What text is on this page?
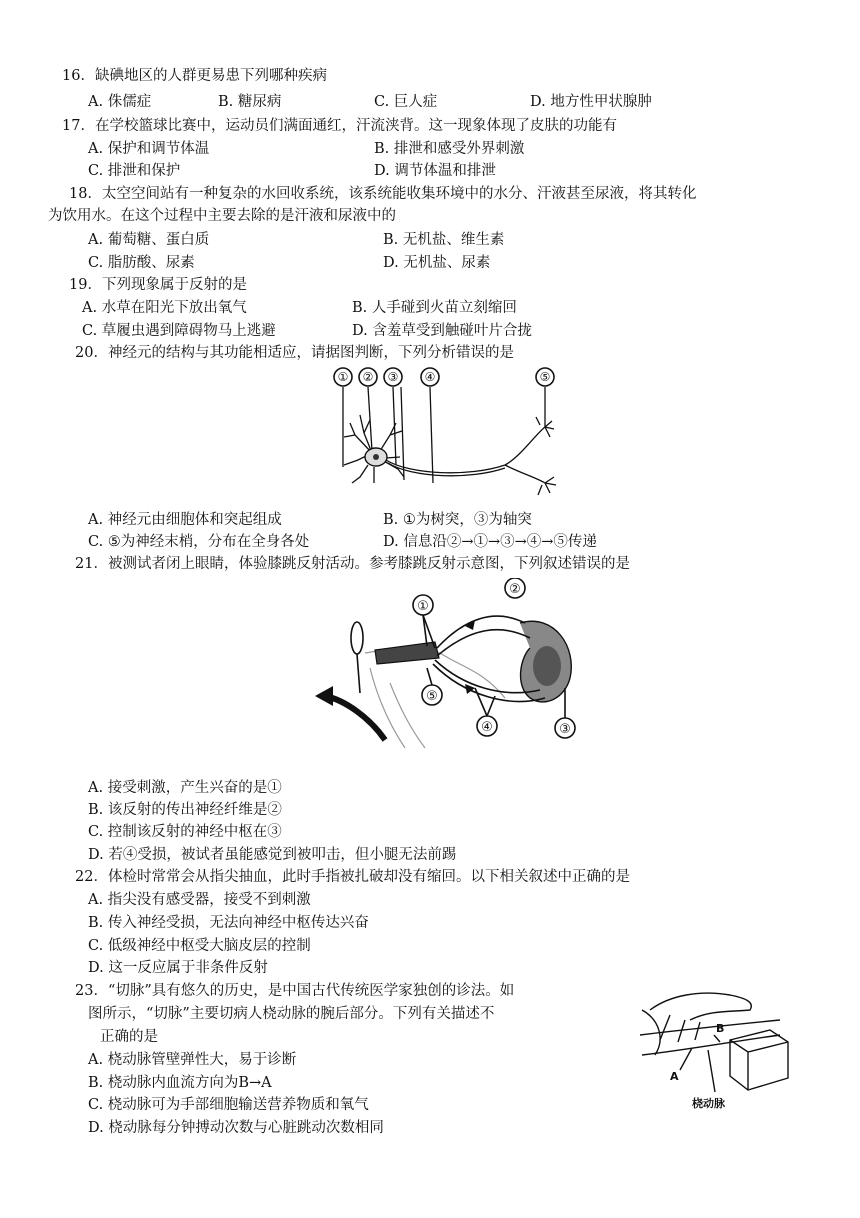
16．缺碘地区的人群更易患下列哪种疾病
A. 侏儒症	B. 糖尿病	C. 巨人症	D. 地方性甲状腺肿
17．在学校篮球比赛中，运动员们满面通红，汗流浃背。这一现象体现了皮肤的功能有
A. 保护和调节体温	B. 排泄和感受外界刺激
C. 排泄和保护	D. 调节体温和排泄
18．太空空间站有一种复杂的水回收系统，该系统能收集环境中的水分、汗液甚至尿液，将其转化
为饮用水。在这个过程中主要去除的是汗液和尿液中的
A. 葡萄糖、蛋白质	B. 无机盐、维生素
C. 脂肪酸、尿素	D. 无机盐、尿素
19．下列现象属于反射的是
A. 水草在阳光下放出氧气	B. 人手碰到火苗立刻缩回
C. 草履虫遇到障碍物马上逃避	D. 含羞草受到触碰叶片合拢
20．神经元的结构与其功能相适应，请据图判断，下列分析错误的是
① ② ③ ④	⑤
A. 神经元由细胞体和突起组成	B. ①为树突，③为轴突
C. ⑤为神经末梢，分布在全身各处	D. 信息沿②→①→③→④→⑤传递
21．被测试者闭上眼睛，体验膝跳反射活动。参考膝跳反射示意图，下列叙述错误的是
①
②
③
④
⑤
A. 接受刺激，产生兴奋的是①
B. 该反射的传出神经纤维是②
C. 控制该反射的神经中枢在③
D. 若④受损，被试者虽能感觉到被叩击，但小腿无法前踢
22．体检时常常会从指尖抽血，此时手指被扎破却没有缩回。以下相关叙述中正确的是
A. 指尖没有感受器，接受不到刺激
B. 传入神经受损，无法向神经中枢传达兴奋
C. 低级神经中枢受大脑皮层的控制
D. 这一反应属于非条件反射
23．“切脉”具有悠久的历史，是中国古代传统医学家独创的诊法。如
图所示，“切脉”主要切病人桡动脉的腕后部分。下列有关描述不
正确的是
A
B
桡动脉
A. 桡动脉管壁弹性大，易于诊断
B. 桡动脉内血流方向为B→A
C. 桡动脉可为手部细胞输送营养物质和氧气
D. 桡动脉每分钟搏动次数与心脏跳动次数相同
